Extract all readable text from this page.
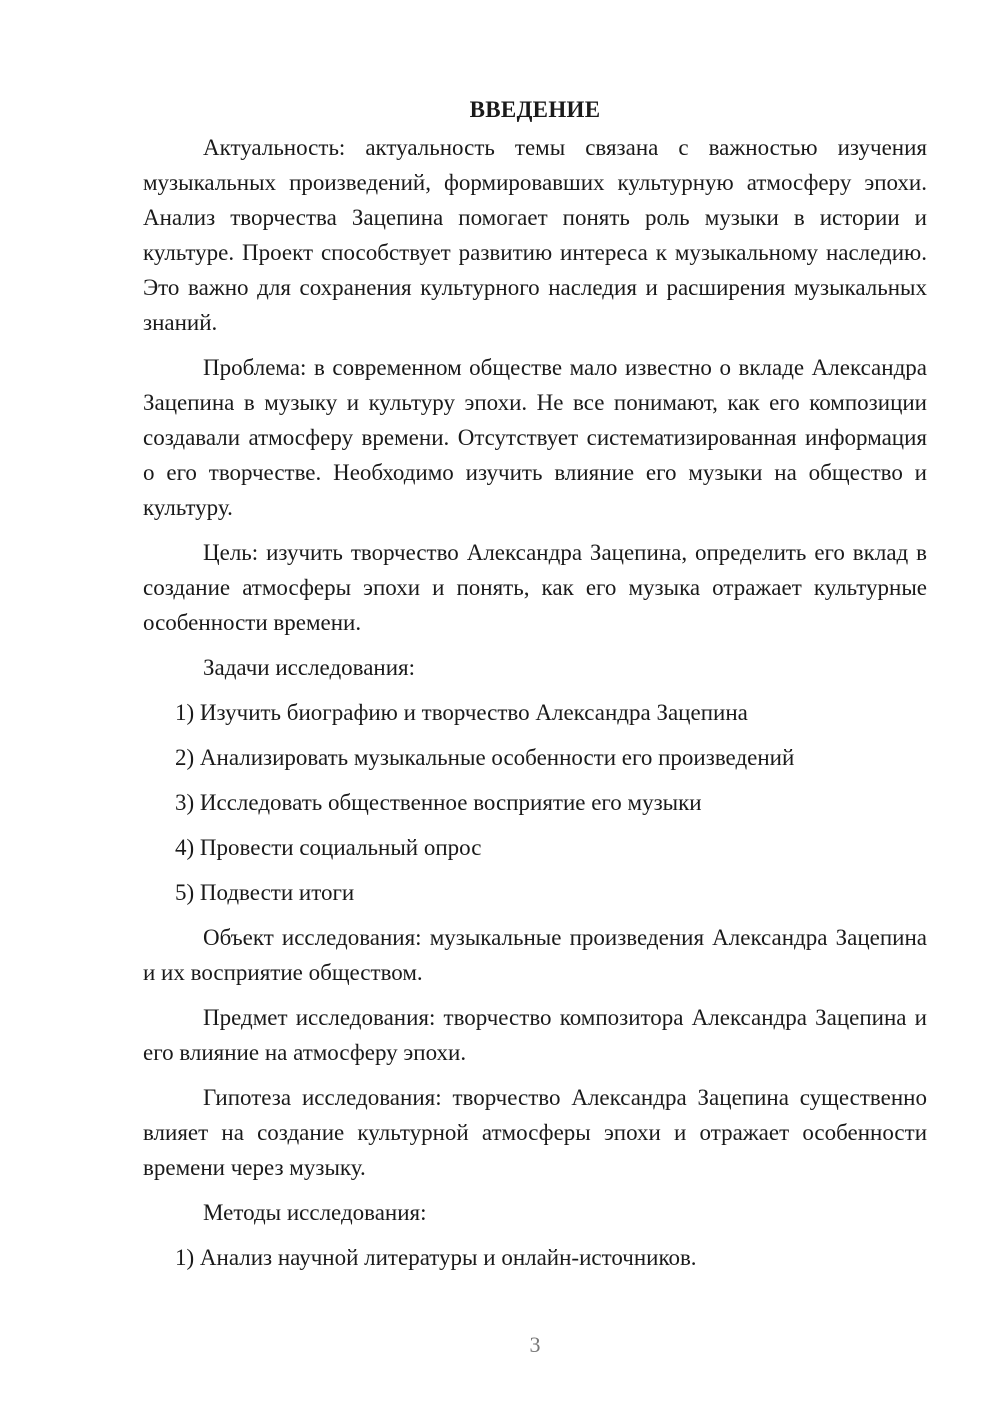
ВВЕДЕНИЕ

Актуальность: актуальность темы связана с важностью изучения музыкальных произведений, формировавших культурную атмосферу эпохи. Анализ творчества Зацепина помогает понять роль музыки в истории и культуре. Проект способствует развитию интереса к музыкальному наследию. Это важно для сохранения культурного наследия и расширения музыкальных знаний.

Проблема: в современном обществе мало известно о вкладе Александра Зацепина в музыку и культуру эпохи. Не все понимают, как его композиции создавали атмосферу времени. Отсутствует систематизированная информация о его творчестве. Необходимо изучить влияние его музыки на общество и культуру.

Цель: изучить творчество Александра Зацепина, определить его вклад в создание атмосферы эпохи и понять, как его музыка отражает культурные особенности времени.

Задачи исследования:
1) Изучить биографию и творчество Александра Зацепина
2) Анализировать музыкальные особенности его произведений
3) Исследовать общественное восприятие его музыки
4) Провести социальный опрос
5) Подвести итоги

Объект исследования: музыкальные произведения Александра Зацепина и их восприятие обществом.

Предмет исследования: творчество композитора Александра Зацепина и его влияние на атмосферу эпохи.

Гипотеза исследования: творчество Александра Зацепина существенно влияет на создание культурной атмосферы эпохи и отражает особенности времени через музыку.

Методы исследования:
1) Анализ научной литературы и онлайн-источников.
3
